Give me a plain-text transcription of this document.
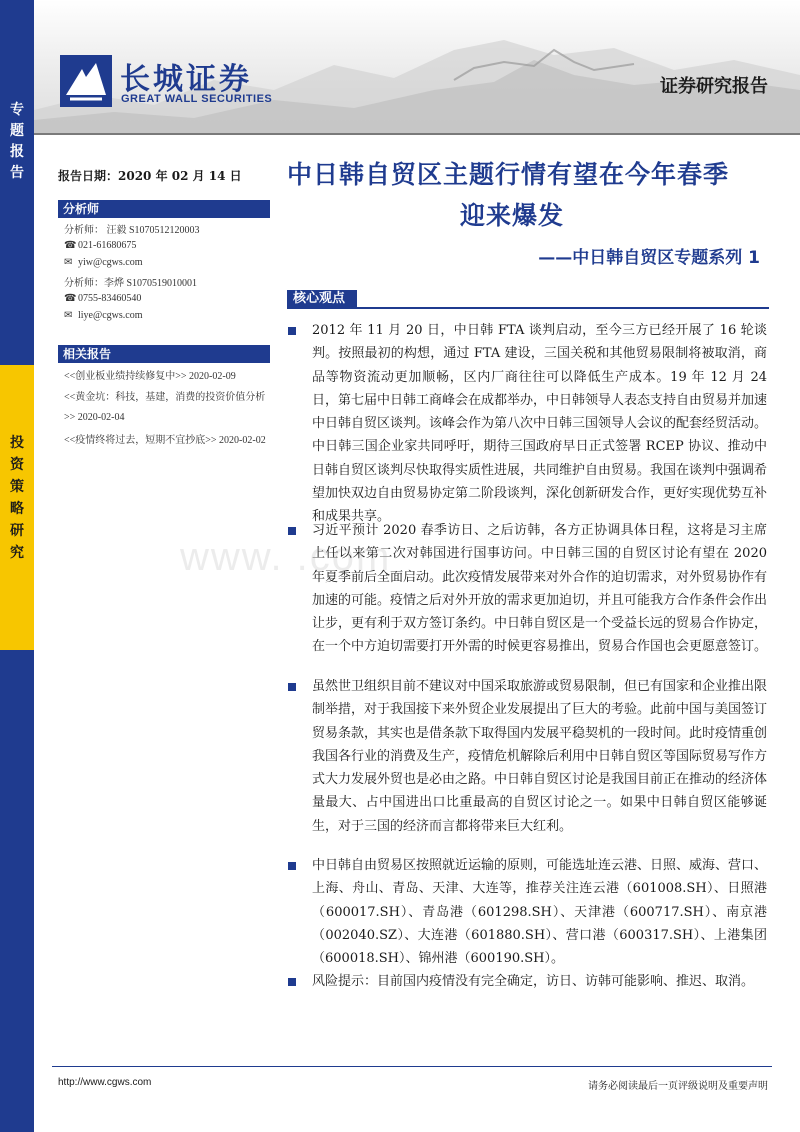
专
题
报
告
投
资
策
略
研
究
长城证券
GREAT WALL SECURITIES
证券研究报告
报告日期：2020 年 02 月 14 日
分析师
分析师： 汪毅 S1070512120003
☎ 021-61680675
✉ yiw@cgws.com
分析师：李烨 S1070519010001
☎ 0755-83460540
✉ liye@cgws.com
相关报告
<<创业板业绩持续修复中>> 2020-02-09
<<黄金坑：科技，基建，消费的投资价值分析>> 2020-02-04
<<疫情终将过去，短期不宜抄底>> 2020-02-02
中日韩自贸区主题行情有望在今年春季
迎来爆发
——中日韩自贸区专题系列 1
核心观点
2012 年 11 月 20 日，中日韩 FTA 谈判启动，至今三方已经开展了 16 轮谈判。按照最初的构想，通过 FTA 建设，三国关税和其他贸易限制将被取消，商品等物资流动更加顺畅，区内厂商往往可以降低生产成本。19 年 12 月 24 日，第七届中日韩工商峰会在成都举办，中日韩领导人表态支持自由贸易并加速中日韩自贸区谈判。该峰会作为第八次中日韩三国领导人会议的配套经贸活动。中日韩三国企业家共同呼吁，期待三国政府早日正式签署 RCEP 协议、推动中日韩自贸区谈判尽快取得实质性进展，共同维护自由贸易。我国在谈判中强调希望加快双边自由贸易协定第二阶段谈判，深化创新研发合作，更好实现优势互补和成果共享。
习近平预计 2020 春季访日、之后访韩，各方正协调具体日程，这将是习主席上任以来第二次对韩国进行国事访问。中日韩三国的自贸区讨论有望在 2020 年夏季前后全面启动。此次疫情发展带来对外合作的迫切需求，对外贸易协作有加速的可能。疫情之后对外开放的需求更加迫切，并且可能我方合作条件会作出让步，更有利于双方签订条约。中日韩自贸区是一个受益长远的贸易合作协定，在一个中方迫切需要打开外需的时候更容易推出，贸易合作国也会更愿意签订。
虽然世卫组织目前不建议对中国采取旅游或贸易限制，但已有国家和企业推出限制举措，对于我国接下来外贸企业发展提出了巨大的考验。此前中国与美国签订贸易条款，其实也是借条款下取得国内发展平稳契机的一段时间。此时疫情重创我国各行业的消费及生产，疫情危机解除后利用中日韩自贸区等国际贸易写作方式大力发展外贸也是必由之路。中日韩自贸区讨论是我国目前正在推动的经济体量最大、占中国进出口比重最高的自贸区讨论之一。如果中日韩自贸区能够诞生，对于三国的经济而言都将带来巨大红利。
中日韩自由贸易区按照就近运输的原则，可能选址连云港、日照、威海、营口、上海、舟山、青岛、天津、大连等，推荐关注连云港（601008.SH）、日照港（600017.SH）、青岛港（601298.SH）、天津港（600717.SH）、南京港（002040.SZ）、大连港（601880.SH）、营口港（600317.SH）、上港集团（600018.SH）、锦州港（600190.SH）。
风险提示：目前国内疫情没有完全确定，访日、访韩可能影响、推迟、取消。
www. .com
http://www.cgws.com	请务必阅读最后一页评级说明及重要声明
